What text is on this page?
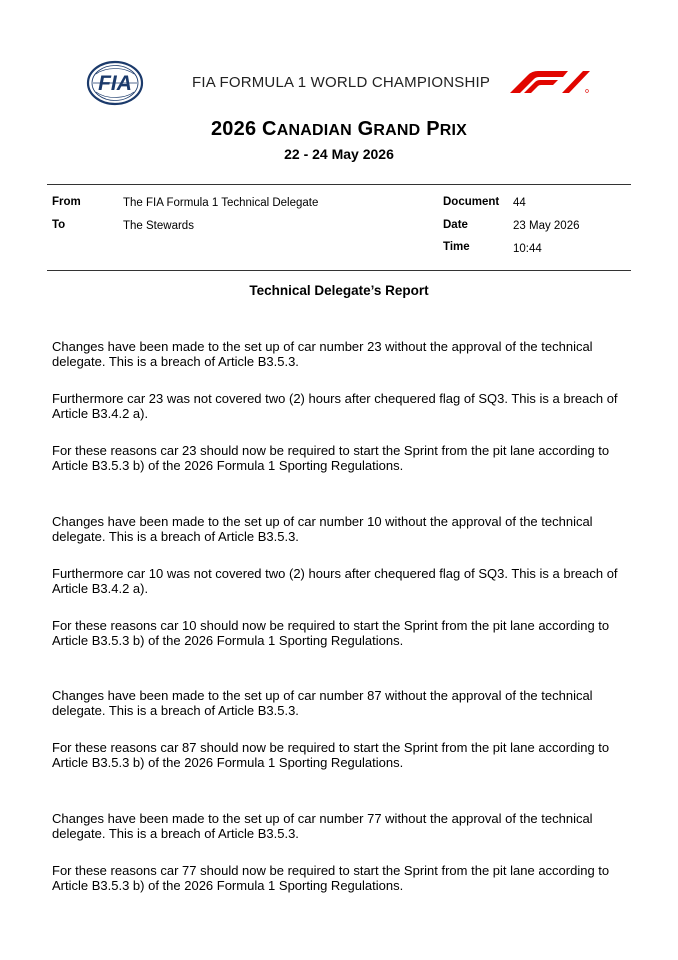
FIA	FIA FORMULA 1 WORLD CHAMPIONSHIP
2026 CANADIAN GRAND PRIX
22 - 24 May 2026
From	The FIA Formula 1 Technical Delegate
To	The Stewards
Document 44
Date	23 May 2026
Time	10:44
Technical Delegate’s Report
Changes have been made to the set up of car number 23 without the approval of the technical delegate. This is a breach of Article B3.5.3.
Furthermore car 23 was not covered two (2) hours after chequered flag of SQ3. This is a breach of Article B3.4.2 a).
For these reasons car 23 should now be required to start the Sprint from the pit lane according to Article B3.5.3 b) of the 2026 Formula 1 Sporting Regulations.
Changes have been made to the set up of car number 10 without the approval of the technical delegate. This is a breach of Article B3.5.3.
Furthermore car 10 was not covered two (2) hours after chequered flag of SQ3. This is a breach of Article B3.4.2 a).
For these reasons car 10 should now be required to start the Sprint from the pit lane according to Article B3.5.3 b) of the 2026 Formula 1 Sporting Regulations.
Changes have been made to the set up of car number 87 without the approval of the technical delegate. This is a breach of Article B3.5.3.
For these reasons car 87 should now be required to start the Sprint from the pit lane according to Article B3.5.3 b) of the 2026 Formula 1 Sporting Regulations.
Changes have been made to the set up of car number 77 without the approval of the technical delegate. This is a breach of Article B3.5.3.
For these reasons car 77 should now be required to start the Sprint from the pit lane according to Article B3.5.3 b) of the 2026 Formula 1 Sporting Regulations.
